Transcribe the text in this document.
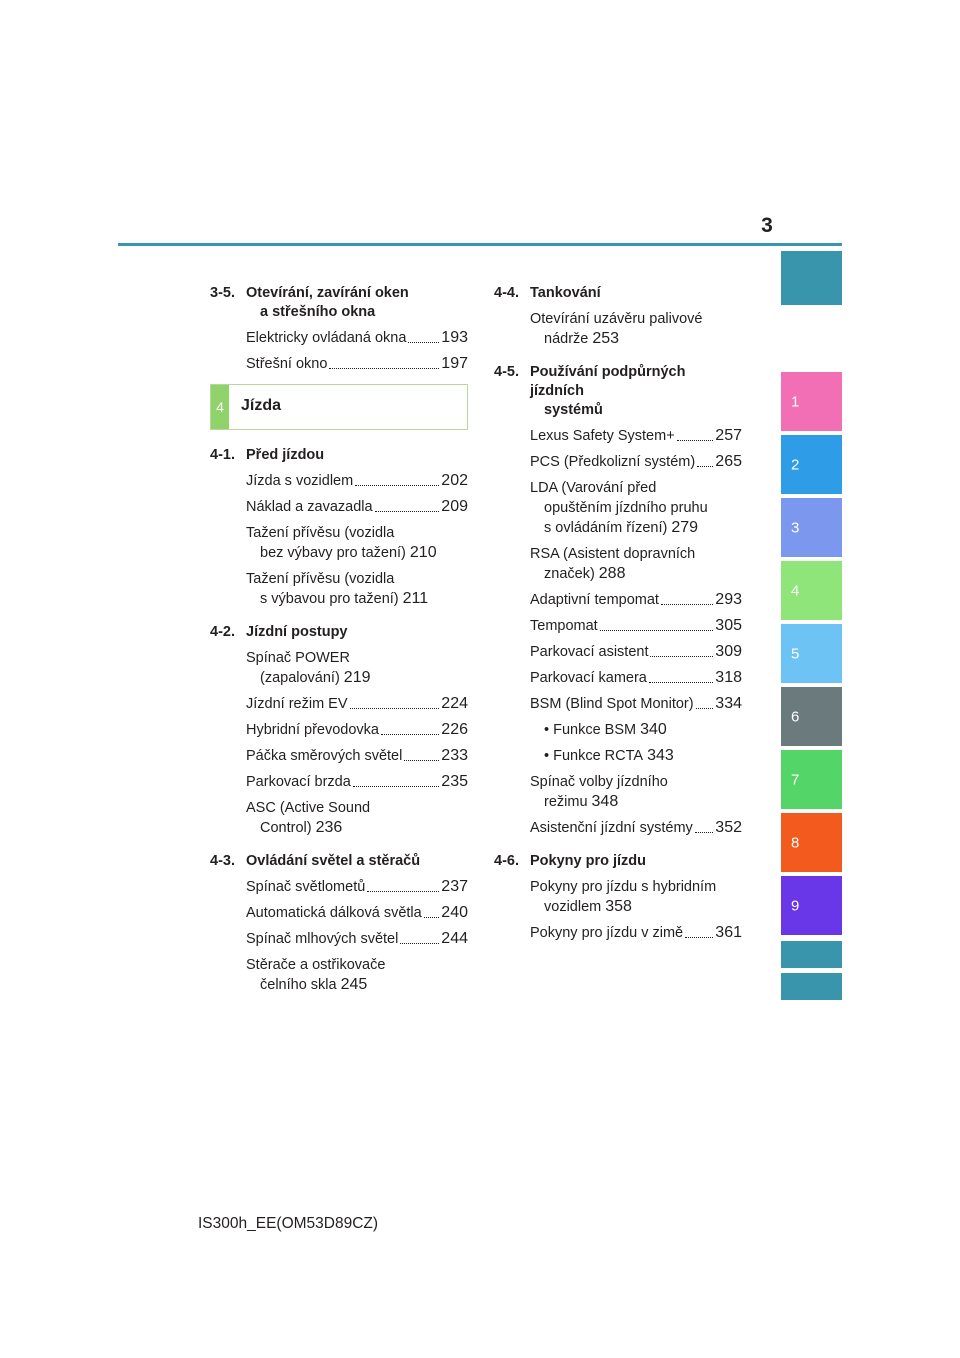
3
1
2
3
4
5
6
7
8
9
3-5. Otevírání, zavírání oken
a střešního okna
Elektricky ovládaná okna 193
Střešní okno	197
4	Jízda
4-1. Před jízdou
Jízda s vozidlem	202
Náklad a zavazadla	209
Tažení přívěsu (vozidla
bez výbavy pro tažení) 210
Tažení přívěsu (vozidla
s výbavou pro tažení) 211
4-2. Jízdní postupy
Spínač POWER
(zapalování) 219
Jízdní režim EV	224
Hybridní převodovka	226
Páčka směrových světel 233
Parkovací brzda	235
ASC (Active Sound
Control) 236
4-3. Ovládání světel a stěračů
Spínač světlometů	237
Automatická dálková světla 240
Spínač mlhových světel	244
Stěrače a ostřikovače
čelního skla 245
4-4. Tankování
Otevírání uzávěru palivové
nádrže 253
4-5. Používání podpůrných jízdních
systémů
Lexus Safety System+	257
PCS (Předkolizní systém) 265
LDA (Varování před
opuštěním jízdního pruhu
s ovládáním řízení) 279
RSA (Asistent dopravních
značek) 288
Adaptivní tempomat	293
Tempomat	305
Parkovací asistent	309
Parkovací kamera	318
BSM (Blind Spot Monitor) 334
• Funkce BSM 340
• Funkce RCTA 343
Spínač volby jízdního
režimu 348
Asistenční jízdní systémy 352
4-6. Pokyny pro jízdu
Pokyny pro jízdu s hybridním
vozidlem 358
Pokyny pro jízdu v zimě 361
IS300h_EE(OM53D89CZ)
